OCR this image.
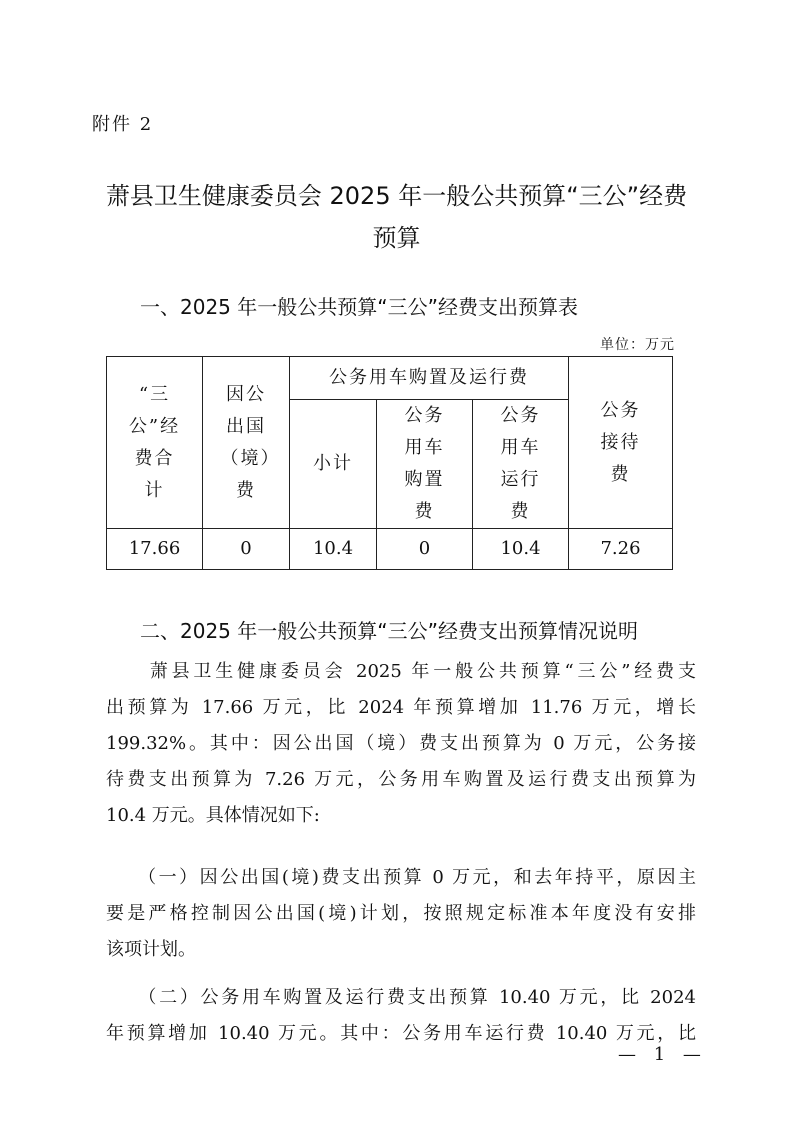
附件 2
萧县卫生健康委员会 2025 年一般公共预算“三公”经费
预算
一、2025 年一般公共预算“三公”经费支出预算表
单位：万元
“三公”经费合计	因公出国（境）费	公务用车购置及运行费			公务接待费
		小计	公务用车购置费	公务用车运行费	
17.66	0	10.4	0	10.4	7.26
二、2025 年一般公共预算“三公”经费支出预算情况说明
　　萧县卫生健康委员会 2025 年一般公共预算“三公”经费支
出预算为 17.66 万元，比 2024 年预算增加 11.76 万元，增长
199.32%。其中：因公出国（境）费支出预算为 0 万元，公务接
待费支出预算为 7.26 万元，公务用车购置及运行费支出预算为
10.4 万元。具体情况如下:
　　（一）因公出国(境)费支出预算 0 万元，和去年持平，原因主
要是严格控制因公出国(境)计划，按照规定标准本年度没有安排
该项计划。
　　（二）公务用车购置及运行费支出预算 10.40 万元，比 2024
年预算增加 10.40 万元。其中：公务用车运行费 10.40 万元，比
— 1 —
